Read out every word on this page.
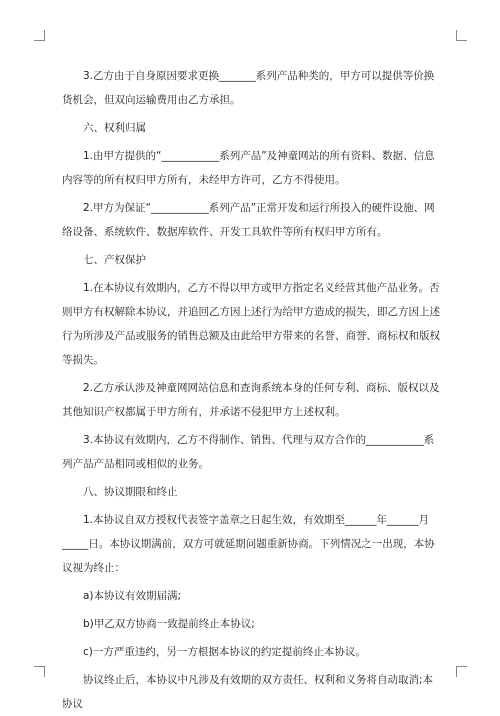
3.乙方由于自身原因要求更换_______系列产品种类的，甲方可以提供等价换货机会，但双向运输费用由乙方承担。

六、权利归属

1.由甲方提供的“___________系列产品”及神童网站的所有资料、数据、信息内容等的所有权归甲方所有，未经甲方许可，乙方不得使用。

2.甲方为保证“___________系列产品”正常开发和运行所投入的硬件设施、网络设备、系统软件、数据库软件、开发工具软件等所有权归甲方所有。

七、产权保护

1.在本协议有效期内，乙方不得以甲方或甲方指定名义经营其他产品业务。否则甲方有权解除本协议，并追回乙方因上述行为给甲方造成的损失，即乙方因上述行为所涉及产品或服务的销售总额及由此给甲方带来的名誉、商誉、商标权和版权等损失。

2.乙方承认涉及神童网网站信息和查询系统本身的任何专利、商标、版权以及其他知识产权都属于甲方所有，并承诺不侵犯甲方上述权利。

3.本协议有效期内，乙方不得制作、销售、代理与双方合作的___________系列产品产品相同或相似的业务。

八、协议期限和终止

1.本协议自双方授权代表签字盖章之日起生效，有效期至______年______月_____日。本协议期满前，双方可就延期问题重新协商。下列情况之一出现，本协议视为终止：

a)本协议有效期届满;

b)甲乙双方协商一致提前终止本协议;

c)一方严重违约，另一方根据本协议的约定提前终止本协议。

协议终止后，本协议中凡涉及有效期的双方责任、权利和义务将自动取消;本协议
